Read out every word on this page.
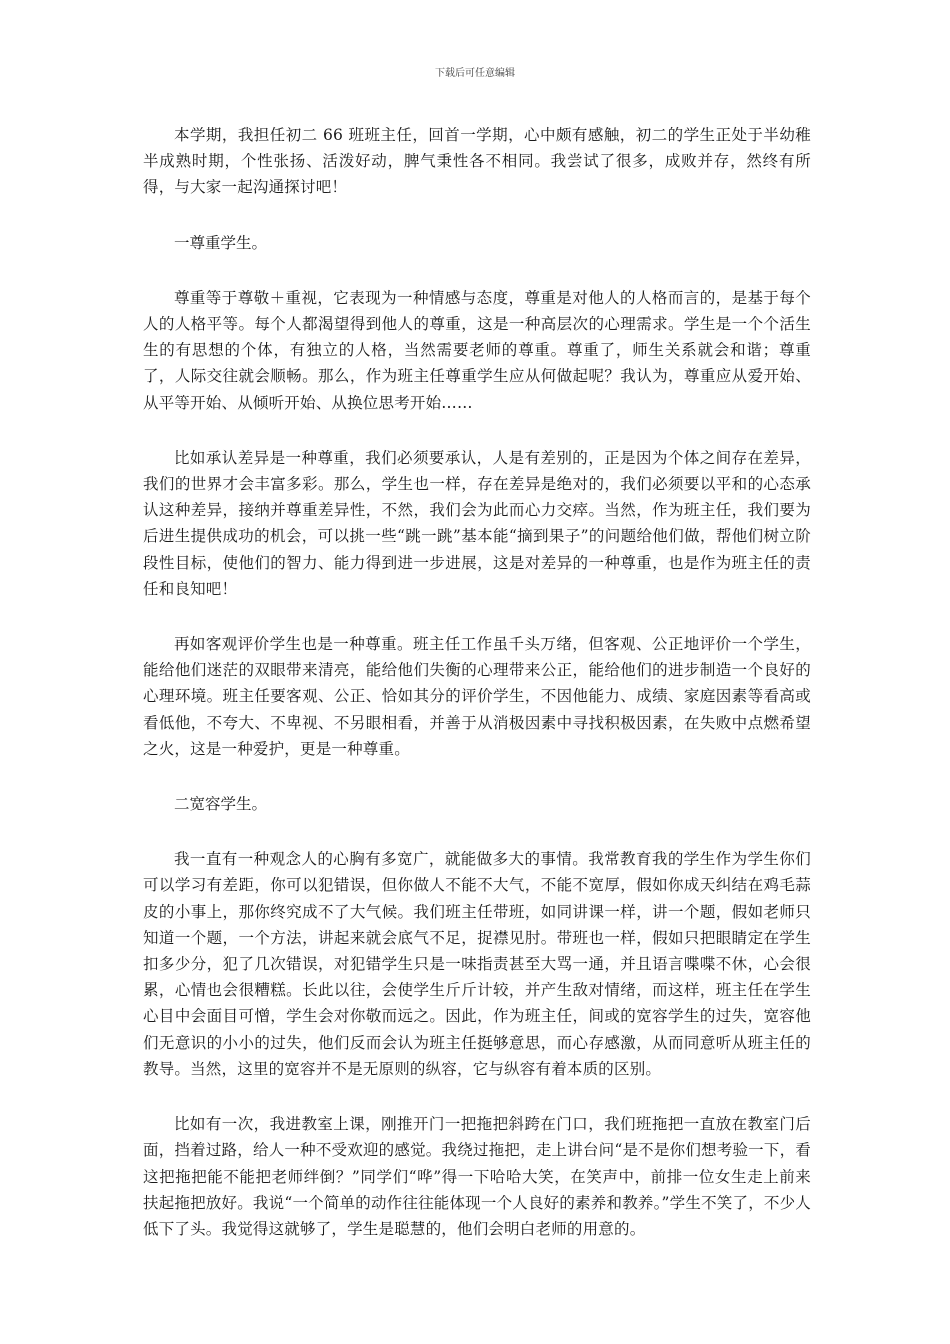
下载后可任意编辑

本学期，我担任初二 66 班班主任，回首一学期，心中颇有感触，初二的学生正处于半幼稚半成熟时期，个性张扬、活泼好动，脾气秉性各不相同。我尝试了很多，成败并存，然终有所得，与大家一起沟通探讨吧！

一尊重学生。

尊重等于尊敬＋重视，它表现为一种情感与态度，尊重是对他人的人格而言的，是基于每个人的人格平等。每个人都渴望得到他人的尊重，这是一种高层次的心理需求。学生是一个个活生生的有思想的个体，有独立的人格，当然需要老师的尊重。尊重了，师生关系就会和谐；尊重了，人际交往就会顺畅。那么，作为班主任尊重学生应从何做起呢？我认为，尊重应从爱开始、从平等开始、从倾听开始、从换位思考开始……

比如承认差异是一种尊重，我们必须要承认，人是有差别的，正是因为个体之间存在差异，我们的世界才会丰富多彩。那么，学生也一样，存在差异是绝对的，我们必须要以平和的心态承认这种差异，接纳并尊重差异性，不然，我们会为此而心力交瘁。当然，作为班主任，我们要为后进生提供成功的机会，可以挑一些“跳一跳”基本能“摘到果子”的问题给他们做，帮他们树立阶段性目标，使他们的智力、能力得到进一步进展，这是对差异的一种尊重，也是作为班主任的责任和良知吧！

再如客观评价学生也是一种尊重。班主任工作虽千头万绪，但客观、公正地评价一个学生，能给他们迷茫的双眼带来清亮，能给他们失衡的心理带来公正，能给他们的进步制造一个良好的心理环境。班主任要客观、公正、恰如其分的评价学生，不因他能力、成绩、家庭因素等看高或看低他，不夸大、不卑视、不另眼相看，并善于从消极因素中寻找积极因素，在失败中点燃希望之火，这是一种爱护，更是一种尊重。

二宽容学生。

我一直有一种观念人的心胸有多宽广，就能做多大的事情。我常教育我的学生作为学生你们可以学习有差距，你可以犯错误，但你做人不能不大气，不能不宽厚，假如你成天纠结在鸡毛蒜皮的小事上，那你终究成不了大气候。我们班主任带班，如同讲课一样，讲一个题，假如老师只知道一个题，一个方法，讲起来就会底气不足，捉襟见肘。带班也一样，假如只把眼睛定在学生扣多少分，犯了几次错误，对犯错学生只是一味指责甚至大骂一通，并且语言喋喋不休，心会很累，心情也会很糟糕。长此以往，会使学生斤斤计较，并产生敌对情绪，而这样，班主任在学生心目中会面目可憎，学生会对你敬而远之。因此，作为班主任，间或的宽容学生的过失，宽容他们无意识的小小的过失，他们反而会认为班主任挺够意思，而心存感激，从而同意听从班主任的教导。当然，这里的宽容并不是无原则的纵容，它与纵容有着本质的区别。

比如有一次，我进教室上课，刚推开门一把拖把斜跨在门口，我们班拖把一直放在教室门后面，挡着过路，给人一种不受欢迎的感觉。我绕过拖把，走上讲台问“是不是你们想考验一下，看这把拖把能不能把老师绊倒？”同学们“哗”得一下哈哈大笑，在笑声中，前排一位女生走上前来扶起拖把放好。我说“一个简单的动作往往能体现一个人良好的素养和教养。”学生不笑了，不少人低下了头。我觉得这就够了，学生是聪慧的，他们会明白老师的用意的。
